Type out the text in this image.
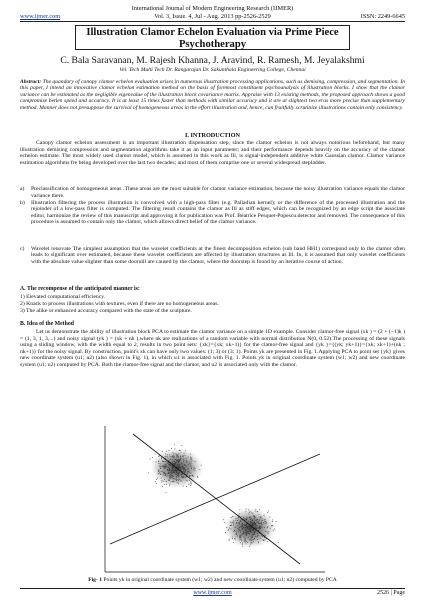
International Journal of Modern Engineering Research (IJMER)
www.ijmer.com	Vol. 3, Issue. 4, Jul - Aug. 2013 pp-2526-2529	ISSN: 2249-6645
Illustration Clamor Echelon Evaluation via Prime Piece
Psychotherapy
C. Bala Saravanan, M. Rajesh Khanna, J. Aravind, R. Ramesh, M. Jeyalakshmi
Vel. Tech Multi Tech Dr. Rangarajan Dr. Sakunthala Engineering College, Chennai
Abstract: The quandary of canopy clamor echelon evaluation arises in numerous illustration processing applications, such as demising, compression, and segmentation. In this paper, I intend an innovative clamor echelon estimation method on the basis of foremost constituent psychoanalysis of illustration blocks. I show that the clamor variance can be estimated as the negligible eigenvalue of the illustration block covariance matrix. Appraise with 13 existing methods, the proposed approach shows a good compromise betlen speed and accuracy. It is at least 15 times faster than methods with similar accuracy and it are at slightest two eras more precise than supplementary method. Manner does not presuppose the survival of homogeneous areas in the effort illustration and, hence, can fruitfully scrutinize illustrations contain only consistency.
I. INTRODUCTION
Canopy clamor echelon assessment is an important illustration dispensation step, since the clamor echelon is not always notorious beforehand, but many illustration demising compression and segmentation algorithms take it as an input parameter; and their performance depends heavily on the accuracy of the clamor echelon estimate. The most widely used clamor model, which is assumed in this work as Ill, is signal-independent additive white Gaussian clamor. Clamor variance estimation algorithms fre being developed over the last two decades; and most of them comprise one or several widespread stepladder.
a) Preclassification of homogeneous areas .These areas are the most suitable for clamor variance estimation, because the noisy illustration variance equals the clamor variance there.
b) Illustration filtering the process illustration is convolved with a high-pass filter (e.g. Palladian kernel); or the difference of the processed illustration and the rejoinder of a low-pass filter is computed. The filtering result contains the clamor as Ill as stiff edges, which can be recognized by an edge script the associate editor, harmonize the review of this manuscript and approving it for publication was Prof. Béatrice Pesquet-Popescu.detector and removed. The consequence of this procedure is assumed to contain only the clamor, which allows direct belief of the clamor variance.
c) Wavelet renovate The simplest assumption that the wavelet coefficients at the finest decomposition echelon (sub band HH1) correspond only to the clamor often leads to significant over estimated, because these wavelet coefficients are affected by illustration structures as Ill. In, it is assumed that only wavelet coefficients with the absolute value slighter than some dooruill are caused by the clamor, where the doorstep is found by an iterative course of action.
A. The recompense of the anticipated manner is:
1) Elevated computational efficiency.
2) Knack to process illustrations with textures, even if there are no homogeneous areas.
3) The alike or enhanced accuracy compared with the state of the sculpture.
B. Idea of the Method
Let us demonstrate the ability of illustration block PCA to estimate the clamor variance on a simple 1D example. Consider clamor-free signal (xk ) = (2 + (−1)k ) = (1, 3, 1, 3,...) and noisy signal (yk ) = (xk + nk ),where nk are realizations of a random variable with normal distribution N(0, 0.52).The processing of these signals using a sliding window, with the width equal to 2, results in two point sets: {xk}={xk; xk+1)} for the clamor-free signal and {yk }={(yk; yk+1)}={xk; xk+1)+(nk ; nk+1)} for the noisy signal. By construction, point's xk can have only two values: (1; 3) or (3; 1). Points yk are presented in Fig. 1.Applying PCA to point set {yk} gives new coordinate system (u1; u2) (also shown in Fig. 1), in which u1 is associated with Fig. 1. Points yk in original coordinate system (w1; w2) and new coordinate system (u1; u2) computed by PCA. Both the clamor-free signal and the clamor, and u2 is associated only with the clamor.
Fig- 1 Points yk in original coordinate system (w1; w2) and new coordinate system (u1; u2) computed by PCA
www.ijmer.com	2526 | Page
